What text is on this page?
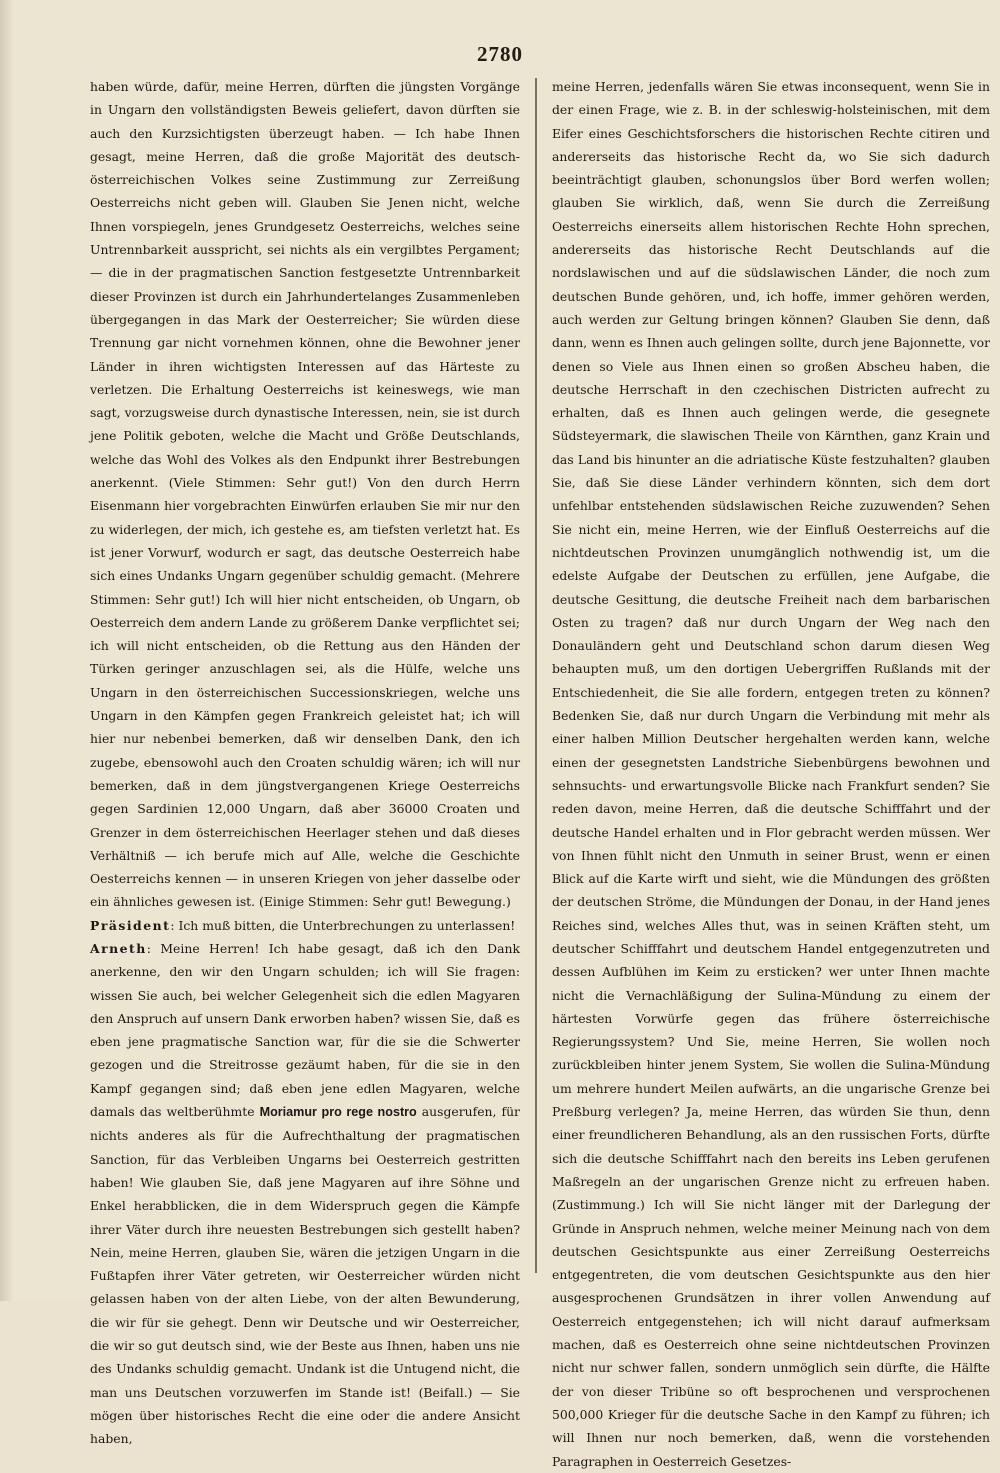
2780

haben würde, dafür, meine Herren, dürften die jüngsten Vorgänge in Ungarn den vollständigsten Beweis geliefert, davon dürften sie auch den Kurzsichtigsten überzeugt haben. — Ich habe Ihnen gesagt, meine Herren, daß die große Majorität des deutsch-österreichischen Volkes seine Zustimmung zur Zerreißung Oesterreichs nicht geben will. Glauben Sie Jenen nicht, welche Ihnen vorspiegeln, jenes Grundgesetz Oesterreichs, welches seine Untrennbarkeit ausspricht, sei nichts als ein vergilbtes Pergament; — die in der pragmatischen Sanction festgesetzte Untrennbarkeit dieser Provinzen ist durch ein Jahrhundertelanges Zusammenleben übergegangen in das Mark der Oesterreicher; Sie würden diese Trennung gar nicht vornehmen können, ohne die Bewohner jener Länder in ihren wichtigsten Interessen auf das Härteste zu verletzen. Die Erhaltung Oesterreichs ist keineswegs, wie man sagt, vorzugsweise durch dynastische Interessen, nein, sie ist durch jene Politik geboten, welche die Macht und Größe Deutschlands, welche das Wohl des Volkes als den Endpunkt ihrer Bestrebungen anerkennt. (Viele Stimmen: Sehr gut!) Von den durch Herrn Eisenmann hier vorgebrachten Einwürfen erlauben Sie mir nur den zu widerlegen, der mich, ich gestehe es, am tiefsten verletzt hat. Es ist jener Vorwurf, wodurch er sagt, das deutsche Oesterreich habe sich eines Undanks Ungarn gegenüber schuldig gemacht. (Mehrere Stimmen: Sehr gut!) Ich will hier nicht entscheiden, ob Ungarn, ob Oesterreich dem andern Lande zu größerem Danke verpflichtet sei; ich will nicht entscheiden, ob die Rettung aus den Händen der Türken geringer anzuschlagen sei, als die Hülfe, welche uns Ungarn in den österreichischen Successionskriegen, welche uns Ungarn in den Kämpfen gegen Frankreich geleistet hat; ich will hier nur nebenbei bemerken, daß wir denselben Dank, den ich zugebe, ebensowohl auch den Croaten schuldig wären; ich will nur bemerken, daß in dem jüngstvergangenen Kriege Oesterreichs gegen Sardinien 12,000 Ungarn, daß aber 36000 Croaten und Grenzer in dem österreichischen Heerlager stehen und daß dieses Verhältniß — ich berufe mich auf Alle, welche die Geschichte Oesterreichs kennen — in unseren Kriegen von jeher dasselbe oder ein ähnliches gewesen ist. (Einige Stimmen: Sehr gut! Bewegung.)

Präsident: Ich muß bitten, die Unterbrechungen zu unterlassen!

Arneth: Meine Herren! Ich habe gesagt, daß ich den Dank anerkenne, den wir den Ungarn schulden; ich will Sie fragen: wissen Sie auch, bei welcher Gelegenheit sich die edlen Magyaren den Anspruch auf unsern Dank erworben haben? wissen Sie, daß es eben jene pragmatische Sanction war, für die sie die Schwerter gezogen und die Streitrosse gezäumt haben, für die sie in den Kampf gegangen sind; daß eben jene edlen Magyaren, welche damals das weltberühmte Moriamur pro rege nostro ausgerufen, für nichts anderes als für die Aufrechthaltung der pragmatischen Sanction, für das Verbleiben Ungarns bei Oesterreich gestritten haben! Wie glauben Sie, daß jene Magyaren auf ihre Söhne und Enkel herabblicken, die in dem Widerspruch gegen die Kämpfe ihrer Väter durch ihre neuesten Bestrebungen sich gestellt haben? Nein, meine Herren, glauben Sie, wären die jetzigen Ungarn in die Fußtapfen ihrer Väter getreten, wir Oesterreicher würden nicht gelassen haben von der alten Liebe, von der alten Bewunderung, die wir für sie gehegt. Denn wir Deutsche und wir Oesterreicher, die wir so gut deutsch sind, wie der Beste aus Ihnen, haben uns nie des Undanks schuldig gemacht. Undank ist die Untugend nicht, die man uns Deutschen vorzuwerfen im Stande ist! (Beifall.) — Sie mögen über historisches Recht die eine oder die andere Ansicht haben,

meine Herren, jedenfalls wären Sie etwas inconsequent, wenn Sie in der einen Frage, wie z. B. in der schleswig-holsteinischen, mit dem Eifer eines Geschichtsforschers die historischen Rechte citiren und andererseits das historische Recht da, wo Sie sich dadurch beeinträchtigt glauben, schonungslos über Bord werfen wollen; glauben Sie wirklich, daß, wenn Sie durch die Zerreißung Oesterreichs einerseits allem historischen Rechte Hohn sprechen, andererseits das historische Recht Deutschlands auf die nordslawischen und auf die südslawischen Länder, die noch zum deutschen Bunde gehören, und, ich hoffe, immer gehören werden, auch werden zur Geltung bringen können? Glauben Sie denn, daß dann, wenn es Ihnen auch gelingen sollte, durch jene Bajonnette, vor denen so Viele aus Ihnen einen so großen Abscheu haben, die deutsche Herrschaft in den czechischen Districten aufrecht zu erhalten, daß es Ihnen auch gelingen werde, die gesegnete Südsteyermark, die slawischen Theile von Kärnthen, ganz Krain und das Land bis hinunter an die adriatische Küste festzuhalten? glauben Sie, daß Sie diese Länder verhindern könnten, sich dem dort unfehlbar entstehenden südslawischen Reiche zuzuwenden? Sehen Sie nicht ein, meine Herren, wie der Einfluß Oesterreichs auf die nichtdeutschen Provinzen unumgänglich nothwendig ist, um die edelste Aufgabe der Deutschen zu erfüllen, jene Aufgabe, die deutsche Gesittung, die deutsche Freiheit nach dem barbarischen Osten zu tragen? daß nur durch Ungarn der Weg nach den Donauländern geht und Deutschland schon darum diesen Weg behaupten muß, um den dortigen Uebergriffen Rußlands mit der Entschiedenheit, die Sie alle fordern, entgegen treten zu können? Bedenken Sie, daß nur durch Ungarn die Verbindung mit mehr als einer halben Million Deutscher hergehalten werden kann, welche einen der gesegnetsten Landstriche Siebenbürgens bewohnen und sehnsuchts- und erwartungsvolle Blicke nach Frankfurt senden? Sie reden davon, meine Herren, daß die deutsche Schifffahrt und der deutsche Handel erhalten und in Flor gebracht werden müssen. Wer von Ihnen fühlt nicht den Unmuth in seiner Brust, wenn er einen Blick auf die Karte wirft und sieht, wie die Mündungen des größten der deutschen Ströme, die Mündungen der Donau, in der Hand jenes Reiches sind, welches Alles thut, was in seinen Kräften steht, um deutscher Schifffahrt und deutschem Handel entgegenzutreten und dessen Aufblühen im Keim zu ersticken? wer unter Ihnen machte nicht die Vernachläßigung der Sulina-Mündung zu einem der härtesten Vorwürfe gegen das frühere österreichische Regierungssystem? Und Sie, meine Herren, Sie wollen noch zurückbleiben hinter jenem System, Sie wollen die Sulina-Mündung um mehrere hundert Meilen aufwärts, an die ungarische Grenze bei Preßburg verlegen? Ja, meine Herren, das würden Sie thun, denn einer freundlicheren Behandlung, als an den russischen Forts, dürfte sich die deutsche Schifffahrt nach den bereits ins Leben gerufenen Maßregeln an der ungarischen Grenze nicht zu erfreuen haben. (Zustimmung.) Ich will Sie nicht länger mit der Darlegung der Gründe in Anspruch nehmen, welche meiner Meinung nach von dem deutschen Gesichtspunkte aus einer Zerreißung Oesterreichs entgegentreten, die vom deutschen Gesichtspunkte aus den hier ausgesprochenen Grundsätzen in ihrer vollen Anwendung auf Oesterreich entgegenstehen; ich will nicht darauf aufmerksam machen, daß es Oesterreich ohne seine nichtdeutschen Provinzen nicht nur schwer fallen, sondern unmöglich sein dürfte, die Hälfte der von dieser Tribüne so oft besprochenen und versprochenen 500,000 Krieger für die deutsche Sache in den Kampf zu führen; ich will Ihnen nur noch bemerken, daß, wenn die vorstehenden Paragraphen in Oesterreich Gesetzes-
